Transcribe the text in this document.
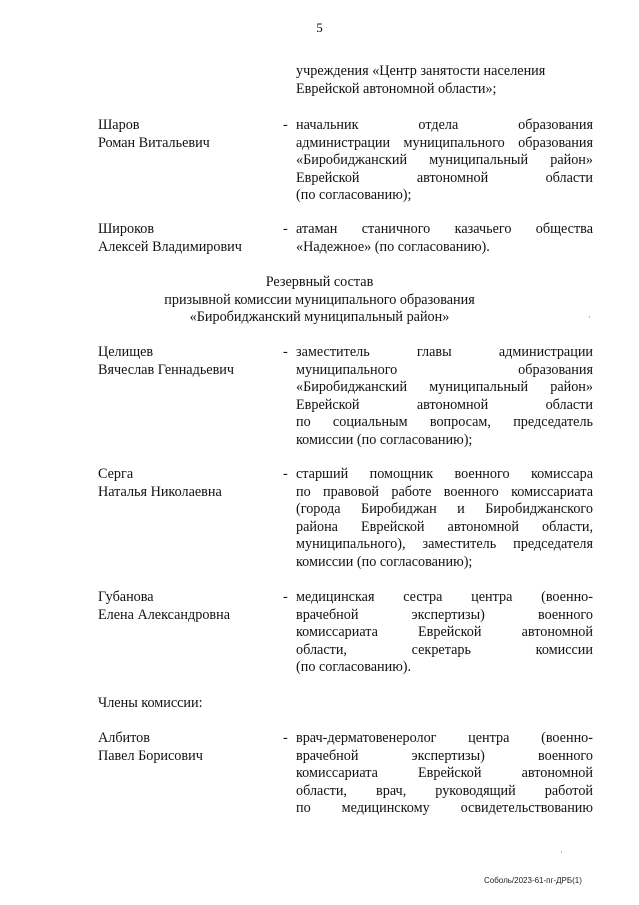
5
учреждения «Центр занятости населения
Еврейской автономной области»;
Шаров
Роман Витальевич
- начальник отдела образования
администрации муниципального образования
«Биробиджанский муниципальный район»
Еврейской автономной области
(по согласованию);
Широков
Алексей Владимирович
- атаман станичного казачьего общества
«Надежное» (по согласованию).
Резервный состав
призывной комиссии муниципального образования
«Биробиджанский муниципальный район»	·
Целищев
Вячеслав Геннадьевич
- заместитель главы администрации
муниципального образования
«Биробиджанский муниципальный район»
Еврейской автономной области
по социальным вопросам, председатель
комиссии (по согласованию);
Серга
Наталья Николаевна
- старший помощник военного комиссара
по правовой работе военного комиссариата
(города Биробиджан и Биробиджанского
района Еврейской автономной области,
муниципального), заместитель председателя
комиссии (по согласованию);
Губанова
Елена Александровна
- медицинская сестра центра (военно-
врачебной экспертизы) военного
комиссариата Еврейской автономной
области, секретарь комиссии
(по согласованию).
Члены комиссии:
Албитов
Павел Борисович
- врач-дерматовенеролог центра (военно-
врачебной экспертизы) военного
комиссариата Еврейской автономной
области, врач, руководящий работой
по медицинскому освидетельствованию
·
Соболь/2023-61-пг-ДРБ(1)
